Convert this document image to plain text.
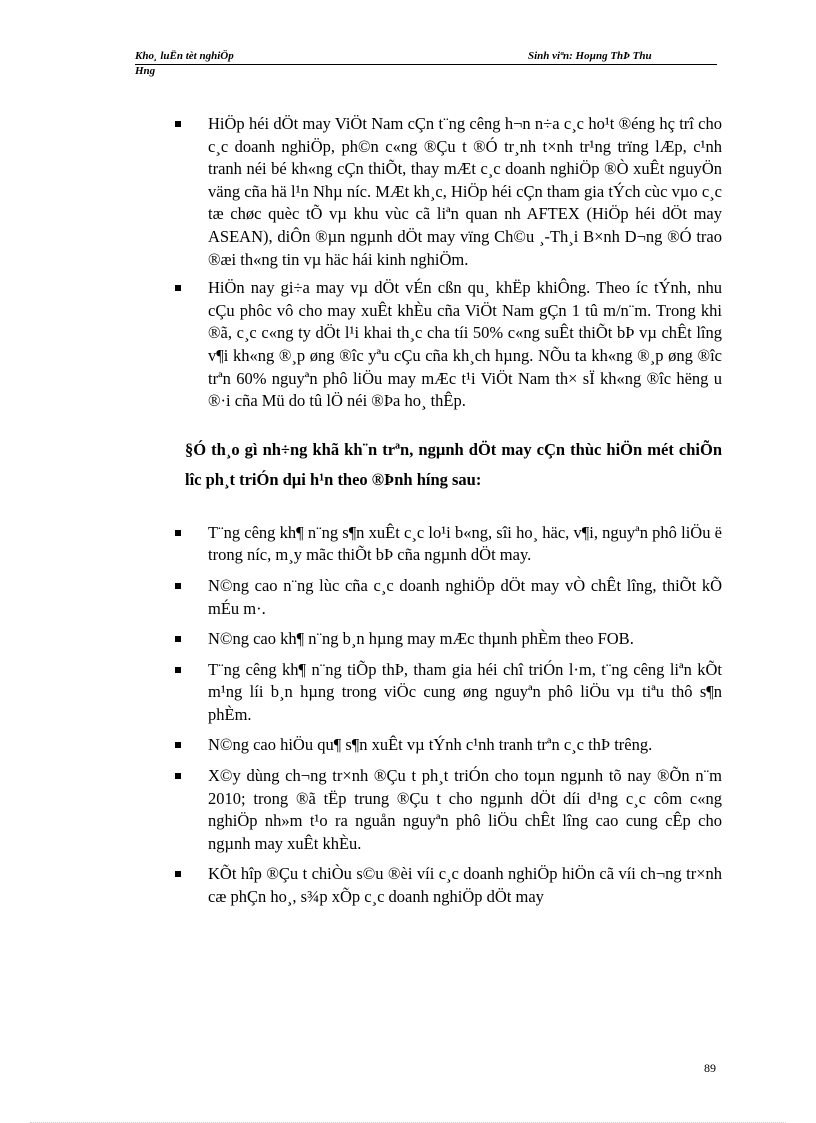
Kho¸ luËn tèt nghiÖp	Sinh viªn: Hoµng ThÞ Thu
Hng
HiÖp héi dÖt may ViÖt Nam cÇn t¨ng cêng h¬n n÷a c¸c ho¹t ®éng hç trî cho c¸c doanh nghiÖp, ph©n c«ng ®Çu t ®Ó tr¸nh t×nh tr¹ng trïng lÆp, c¹nh tranh néi bé kh«ng cÇn thiÕt, thay mÆt c¸c doanh nghiÖp ®Ò xuÊt nguyÖn väng cña hä l¹n Nhµ níc. MÆt kh¸c, HiÖp héi cÇn tham gia tÝch cùc vµo c¸c tæ chøc quèc tÕ vµ khu vùc cã liªn quan nh AFTEX (HiÖp héi dÖt may ASEAN), diÔn ®µn ngµnh dÖt may vïng Ch©u ¸-Th¸i B×nh D¬ng ®Ó trao ®æi th«ng tin vµ häc hái kinh nghiÖm.
HiÖn nay gi÷a may vµ dÖt vÉn cßn qu¸ khËp khiÔng. Theo íc tÝnh, nhu cÇu phôc vô cho may xuÊt khÈu cña ViÖt Nam gÇn 1 tû m/n¨m. Trong khi ®ã, c¸c c«ng ty dÖt l¹i khai th¸c cha tíi 50% c«ng suÊt thiÕt bÞ vµ chÊt lîng v¶i kh«ng ®¸p øng ®îc yªu cÇu cña kh¸ch hµng. NÕu ta kh«ng ®¸p øng ®îc trªn 60% nguyªn phô liÖu may mÆc t¹i ViÖt Nam th× sÏ kh«ng ®îc hëng u ®·i cña Mü do tû lÖ néi ®Þa ho¸ thÊp.
§Ó th¸o gì nh÷ng khã kh¨n trªn, ngµnh dÖt may cÇn thùc hiÖn mét chiÕn lîc ph¸t triÓn dµi h¹n theo ®Þnh híng sau:
T¨ng cêng kh¶ n¨ng s¶n xuÊt c¸c lo¹i b«ng, sîi ho¸ häc, v¶i, nguyªn phô liÖu ë trong níc, m¸y mãc thiÕt bÞ cña ngµnh dÖt may.
N©ng cao n¨ng lùc cña c¸c doanh nghiÖp dÖt may vÒ chÊt lîng, thiÕt kÕ mÉu m·.
N©ng cao kh¶ n¨ng b¸n hµng may mÆc thµnh phÈm theo FOB.
T¨ng cêng kh¶ n¨ng tiÕp thÞ, tham gia héi chî triÓn l·m, t¨ng cêng liªn kÕt m¹ng líi b¸n hµng trong viÖc cung øng nguyªn phô liÖu vµ tiªu thô s¶n phÈm.
N©ng cao hiÖu qu¶ s¶n xuÊt vµ tÝnh c¹nh tranh trªn c¸c thÞ trêng.
X©y dùng ch¬ng tr×nh ®Çu t ph¸t triÓn cho toµn ngµnh tõ nay ®Õn n¨m 2010; trong ®ã tËp trung ®Çu t cho ngµnh dÖt díi d¹ng c¸c côm c«ng nghiÖp nh»m t¹o ra nguån nguyªn phô liÖu chÊt lîng cao cung cÊp cho ngµnh may xuÊt khÈu.
KÕt hîp ®Çu t chiÒu s©u ®èi víi c¸c doanh nghiÖp hiÖn cã víi ch¬ng tr×nh cæ phÇn ho¸, s¾p xÕp c¸c doanh nghiÖp dÖt may
89
